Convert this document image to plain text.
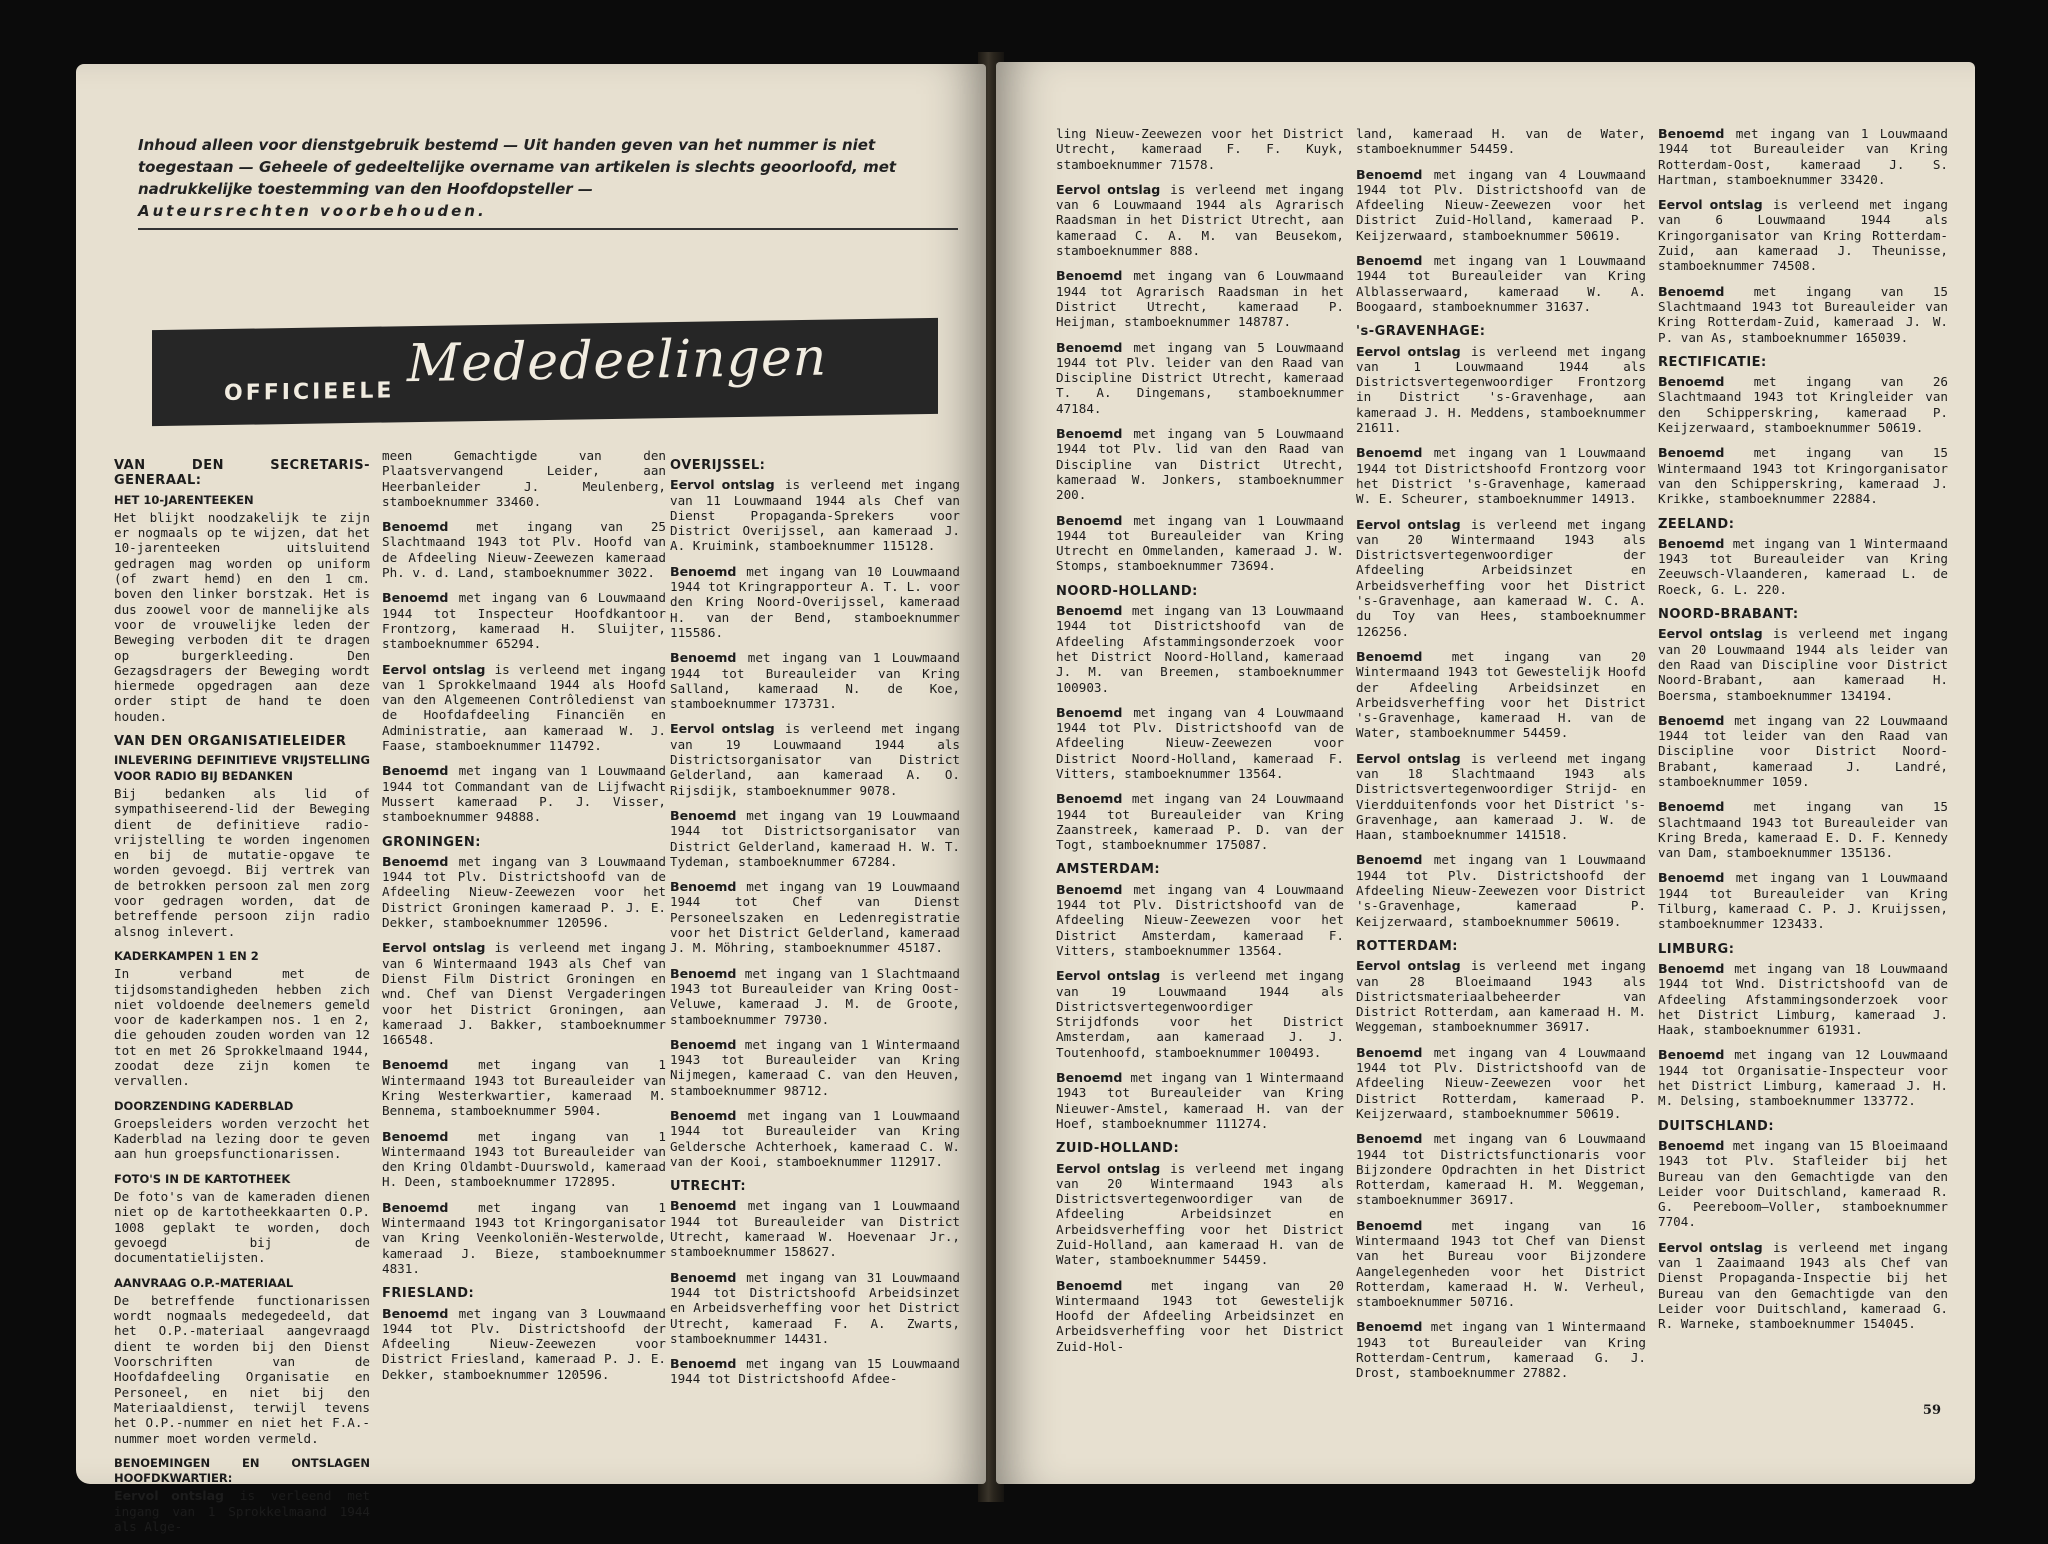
Inhoud alleen voor dienstgebruik bestemd — Uit handen geven van het nummer is niet toegestaan — Geheele of gedeeltelijke overname van artikelen is slechts geoorloofd, met nadrukkelijke toestemming van den Hoofdopsteller —
Auteursrechten voorbehouden.
OFFICIEELE Mededeelingen
VAN DEN SECRETARIS-GENERAAL:
HET 10-JARENTEEKEN

Het blijkt noodzakelijk te zijn er nogmaals op te wijzen, dat het 10-jarenteeken uitsluitend gedragen mag worden op uniform (of zwart hemd) en den 1 cm. boven den linker borstzak. Het is dus zoowel voor de mannelijke als voor de vrouwelijke leden der Beweging verboden dit te dragen op burgerkleeding. Den Gezagsdragers der Beweging wordt hiermede opgedragen aan deze order stipt de hand te doen houden.

VAN DEN ORGANISATIELEIDER
INLEVERING DEFINITIEVE VRIJSTELLING VOOR RADIO BIJ BEDANKEN

Bij bedanken als lid of sympathiseerend-lid der Beweging dient de definitieve radio-vrijstelling te worden ingenomen en bij de mutatie-opgave te worden gevoegd. Bij vertrek van de betrokken persoon zal men zorg voor gedragen worden, dat de betreffende persoon zijn radio alsnog inlevert.

KADERKAMPEN 1 EN 2

In verband met de tijdsomstandigheden hebben zich niet voldoende deelnemers gemeld voor de kaderkampen nos. 1 en 2, die gehouden zouden worden van 12 tot en met 26 Sprokkelmaand 1944, zoodat deze zijn komen te vervallen.

DOORZENDING KADERBLAD

Groepsleiders worden verzocht het Kaderblad na lezing door te geven aan hun groepsfunctionarissen.

FOTO'S IN DE KARTOTHEEK

De foto's van de kameraden dienen niet op de kartotheekkaarten O.P. 1008 geplakt te worden, doch gevoegd bij de documentatielijsten.

AANVRAAG O.P.-MATERIAAL

De betreffende functionarissen wordt nogmaals medegedeeld, dat het O.P.-materiaal aangevraagd dient te worden bij den Dienst Voorschriften van de Hoofdafdeeling Organisatie en Personeel, en niet bij den Materiaaldienst, terwijl tevens het O.P.-nummer en niet het F.A.-nummer moet worden vermeld.

BENOEMINGEN EN ONTSLAGEN HOOFDKWARTIER:

Eervol ontslag is verleend met ingang van 1 Sprokkelmaand 1944 als Alge-

meen Gemachtigde van den Plaatsvervangend Leider, aan Heerbanleider J. Meulenberg, stamboeknummer 33460.

Benoemd met ingang van 25 Slachtmaand 1943 tot Plv. Hoofd van de Afdeeling Nieuw-Zeewezen kameraad Ph. v. d. Land, stamboeknummer 3022.

Benoemd met ingang van 6 Louwmaand 1944 tot Inspecteur Hoofdkantoor Frontzorg, kameraad H. Sluijter, stamboeknummer 65294.

Eervol ontslag is verleend met ingang van 1 Sprokkelmaand 1944 als Hoofd van den Algemeenen Contrôledienst van de Hoofdafdeeling Financiën en Administratie, aan kameraad W. J. Faase, stamboeknummer 114792.

Benoemd met ingang van 1 Louwmaand 1944 tot Commandant van de Lijfwacht Mussert kameraad P. J. Visser, stamboeknummer 94888.

GRONINGEN:

Benoemd met ingang van 3 Louwmaand 1944 tot Plv. Districtshoofd van de Afdeeling Nieuw-Zeewezen voor het District Groningen kameraad P. J. E. Dekker, stamboeknummer 120596.

Eervol ontslag is verleend met ingang van 6 Wintermaand 1943 als Chef van Dienst Film District Groningen en wnd. Chef van Dienst Vergaderingen voor het District Groningen, aan kameraad J. Bakker, stamboeknummer 166548.

Benoemd met ingang van 1 Wintermaand 1943 tot Bureauleider van Kring Westerkwartier, kameraad M. Bennema, stamboeknummer 5904.

Benoemd met ingang van 1 Wintermaand 1943 tot Bureauleider van den Kring Oldambt-Duurswold, kameraad H. Deen, stamboeknummer 172895.

Benoemd met ingang van 1 Wintermaand 1943 tot Kringorganisator van Kring Veenkoloniën-Westerwolde, kameraad J. Bieze, stamboeknummer 4831.

FRIESLAND:

Benoemd met ingang van 3 Louwmaand 1944 tot Plv. Districtshoofd der Afdeeling Nieuw-Zeewezen voor District Friesland, kameraad P. J. E. Dekker, stamboeknummer 120596.

OVERIJSSEL:

Eervol ontslag is verleend met ingang van 11 Louwmaand 1944 als Chef van Dienst Propaganda-Sprekers voor District Overijssel, aan kameraad J. A. Kruimink, stamboeknummer 115128.

Benoemd met ingang van 10 Louwmaand 1944 tot Kringrapporteur A. T. L. voor den Kring Noord-Overijssel, kameraad H. van der Bend, stamboeknummer 115586.

Benoemd met ingang van 1 Louwmaand 1944 tot Bureauleider van Kring Salland, kameraad N. de Koe, stamboeknummer 173731.

Eervol ontslag is verleend met ingang van 19 Louwmaand 1944 als Districtsorganisator van District Gelderland, aan kameraad A. O. Rijsdijk, stamboeknummer 9078.

Benoemd met ingang van 19 Louwmaand 1944 tot Districtsorganisator van District Gelderland, kameraad H. W. T. Tydeman, stamboeknummer 67284.

Benoemd met ingang van 19 Louwmaand 1944 tot Chef van Dienst Personeelszaken en Ledenregistratie voor het District Gelderland, kameraad J. M. Möhring, stamboeknummer 45187.

Benoemd met ingang van 1 Slachtmaand 1943 tot Bureauleider van Kring Oost-Veluwe, kameraad J. M. de Groote, stamboeknummer 79730.

Benoemd met ingang van 1 Wintermaand 1943 tot Bureauleider van Kring Nijmegen, kameraad C. van den Heuven, stamboeknummer 98712.

Benoemd met ingang van 1 Louwmaand 1944 tot Bureauleider van Kring Geldersche Achterhoek, kameraad C. W. van der Kooi, stamboeknummer 112917.

UTRECHT:

Benoemd met ingang van 1 Louwmaand 1944 tot Bureauleider van District Utrecht, kameraad W. Hoevenaar Jr., stamboeknummer 158627.

Benoemd met ingang van 31 Louwmaand 1944 tot Districtshoofd Arbeidsinzet en Arbeidsverheffing voor het District Utrecht, kameraad F. A. Zwarts, stamboeknummer 14431.

Benoemd met ingang van 15 Louwmaand 1944 tot Districtshoofd Afdee-

ling Nieuw-Zeewezen voor het District Utrecht, kameraad F. F. Kuyk, stamboeknummer 71578.

Eervol ontslag is verleend met ingang van 6 Louwmaand 1944 als Agrarisch Raadsman in het District Utrecht, aan kameraad C. A. M. van Beusekom, stamboeknummer 888.

Benoemd met ingang van 6 Louwmaand 1944 tot Agrarisch Raadsman in het District Utrecht, kameraad P. Heijman, stamboeknummer 148787.

Benoemd met ingang van 5 Louwmaand 1944 tot Plv. leider van den Raad van Discipline District Utrecht, kameraad T. A. Dingemans, stamboeknummer 47184.

Benoemd met ingang van 5 Louwmaand 1944 tot Plv. lid van den Raad van Discipline van District Utrecht, kameraad W. Jonkers, stamboeknummer 200.

Benoemd met ingang van 1 Louwmaand 1944 tot Bureauleider van Kring Utrecht en Ommelanden, kameraad J. W. Stomps, stamboeknummer 73694.

NOORD-HOLLAND:

Benoemd met ingang van 13 Louwmaand 1944 tot Districtshoofd van de Afdeeling Afstammingsonderzoek voor het District Noord-Holland, kameraad J. M. van Breemen, stamboeknummer 100903.

Benoemd met ingang van 4 Louwmaand 1944 tot Plv. Districtshoofd van de Afdeeling Nieuw-Zeewezen voor District Noord-Holland, kameraad F. Vitters, stamboeknummer 13564.

Benoemd met ingang van 24 Louwmaand 1944 tot Bureauleider van Kring Zaanstreek, kameraad P. D. van der Togt, stamboeknummer 175087.

AMSTERDAM:

Benoemd met ingang van 4 Louwmaand 1944 tot Plv. Districtshoofd van de Afdeeling Nieuw-Zeewezen voor het District Amsterdam, kameraad F. Vitters, stamboeknummer 13564.

Eervol ontslag is verleend met ingang van 19 Louwmaand 1944 als Districtsvertegenwoordiger Strijdfonds voor het District Amsterdam, aan kameraad J. J. Toutenhoofd, stamboeknummer 100493.

Benoemd met ingang van 1 Wintermaand 1943 tot Bureauleider van Kring Nieuwer-Amstel, kameraad H. van der Hoef, stamboeknummer 111274.

ZUID-HOLLAND:

Eervol ontslag is verleend met ingang van 20 Wintermaand 1943 als Districtsvertegenwoordiger van de Afdeeling Arbeidsinzet en Arbeidsverheffing voor het District Zuid-Holland, aan kameraad H. van de Water, stamboeknummer 54459.

Benoemd met ingang van 20 Wintermaand 1943 tot Gewestelijk Hoofd der Afdeeling Arbeidsinzet en Arbeidsverheffing voor het District Zuid-Hol-

land, kameraad H. van de Water, stamboeknummer 54459.

Benoemd met ingang van 4 Louwmaand 1944 tot Plv. Districtshoofd van de Afdeeling Nieuw-Zeewezen voor het District Zuid-Holland, kameraad P. Keijzerwaard, stamboeknummer 50619.

Benoemd met ingang van 1 Louwmaand 1944 tot Bureauleider van Kring Alblasserwaard, kameraad W. A. Boogaard, stamboeknummer 31637.

's-GRAVENHAGE:

Eervol ontslag is verleend met ingang van 1 Louwmaand 1944 als Districtsvertegenwoordiger Frontzorg in District 's-Gravenhage, aan kameraad J. H. Meddens, stamboeknummer 21611.

Benoemd met ingang van 1 Louwmaand 1944 tot Districtshoofd Frontzorg voor het District 's-Gravenhage, kameraad W. E. Scheurer, stamboeknummer 14913.

Eervol ontslag is verleend met ingang van 20 Wintermaand 1943 als Districtsvertegenwoordiger der Afdeeling Arbeidsinzet en Arbeidsverheffing voor het District 's-Gravenhage, aan kameraad W. C. A. du Toy van Hees, stamboeknummer 126256.

Benoemd met ingang van 20 Wintermaand 1943 tot Gewestelijk Hoofd der Afdeeling Arbeidsinzet en Arbeidsverheffing voor het District 's-Gravenhage, kameraad H. van de Water, stamboeknummer 54459.

Eervol ontslag is verleend met ingang van 18 Slachtmaand 1943 als Districtsvertegenwoordiger Strijd- en Vierdduitenfonds voor het District 's-Gravenhage, aan kameraad J. W. de Haan, stamboeknummer 141518.

Benoemd met ingang van 1 Louwmaand 1944 tot Plv. Districtshoofd der Afdeeling Nieuw-Zeewezen voor District 's-Gravenhage, kameraad P. Keijzerwaard, stamboeknummer 50619.

ROTTERDAM:

Eervol ontslag is verleend met ingang van 28 Bloeimaand 1943 als Districtsmateriaalbeheerder van District Rotterdam, aan kameraad H. M. Weggeman, stamboeknummer 36917.

Benoemd met ingang van 4 Louwmaand 1944 tot Plv. Districtshoofd van de Afdeeling Nieuw-Zeewezen voor het District Rotterdam, kameraad P. Keijzerwaard, stamboeknummer 50619.

Benoemd met ingang van 6 Louwmaand 1944 tot Districtsfunctionaris voor Bijzondere Opdrachten in het District Rotterdam, kameraad H. M. Weggeman, stamboeknummer 36917.

Benoemd met ingang van 16 Wintermaand 1943 tot Chef van Dienst van het Bureau voor Bijzondere Aangelegenheden voor het District Rotterdam, kameraad H. W. Verheul, stamboeknummer 50716.

Benoemd met ingang van 1 Wintermaand 1943 tot Bureauleider van Kring Rotterdam-Centrum, kameraad G. J. Drost, stamboeknummer 27882.

Benoemd met ingang van 1 Louwmaand 1944 tot Bureauleider van Kring Rotterdam-Oost, kameraad J. S. Hartman, stamboeknummer 33420.

Eervol ontslag is verleend met ingang van 6 Louwmaand 1944 als Kringorganisator van Kring Rotterdam-Zuid, aan kameraad J. Theunisse, stamboeknummer 74508.

Benoemd met ingang van 15 Slachtmaand 1943 tot Bureauleider van Kring Rotterdam-Zuid, kameraad J. W. P. van As, stamboeknummer 165039.

RECTIFICATIE:

Benoemd met ingang van 26 Slachtmaand 1943 tot Kringleider van den Schipperskring, kameraad P. Keijzerwaard, stamboeknummer 50619.

Benoemd met ingang van 15 Wintermaand 1943 tot Kringorganisator van den Schipperskring, kameraad J. Krikke, stamboeknummer 22884.

ZEELAND:

Benoemd met ingang van 1 Wintermaand 1943 tot Bureauleider van Kring Zeeuwsch-Vlaanderen, kameraad L. de Roeck, G. L. 220.

NOORD-BRABANT:

Eervol ontslag is verleend met ingang van 20 Louwmaand 1944 als leider van den Raad van Discipline voor District Noord-Brabant, aan kameraad H. Boersma, stamboeknummer 134194.

Benoemd met ingang van 22 Louwmaand 1944 tot leider van den Raad van Discipline voor District Noord-Brabant, kameraad J. Landré, stamboeknummer 1059.

Benoemd met ingang van 15 Slachtmaand 1943 tot Bureauleider van Kring Breda, kameraad E. D. F. Kennedy van Dam, stamboeknummer 135136.

Benoemd met ingang van 1 Louwmaand 1944 tot Bureauleider van Kring Tilburg, kameraad C. P. J. Kruijssen, stamboeknummer 123433.

LIMBURG:

Benoemd met ingang van 18 Louwmaand 1944 tot Wnd. Districtshoofd van de Afdeeling Afstammingsonderzoek voor het District Limburg, kameraad J. Haak, stamboeknummer 61931.

Benoemd met ingang van 12 Louwmaand 1944 tot Organisatie-Inspecteur voor het District Limburg, kameraad J. H. M. Delsing, stamboeknummer 133772.

DUITSCHLAND:

Benoemd met ingang van 15 Bloeimaand 1943 tot Plv. Stafleider bij het Bureau van den Gemachtigde van den Leider voor Duitschland, kameraad R. G. Peereboom—Voller, stamboeknummer 7704.

Eervol ontslag is verleend met ingang van 1 Zaaimaand 1943 als Chef van Dienst Propaganda-Inspectie bij het Bureau van den Gemachtigde van den Leider voor Duitschland, kameraad G. R. Warneke, stamboeknummer 154045.

59
